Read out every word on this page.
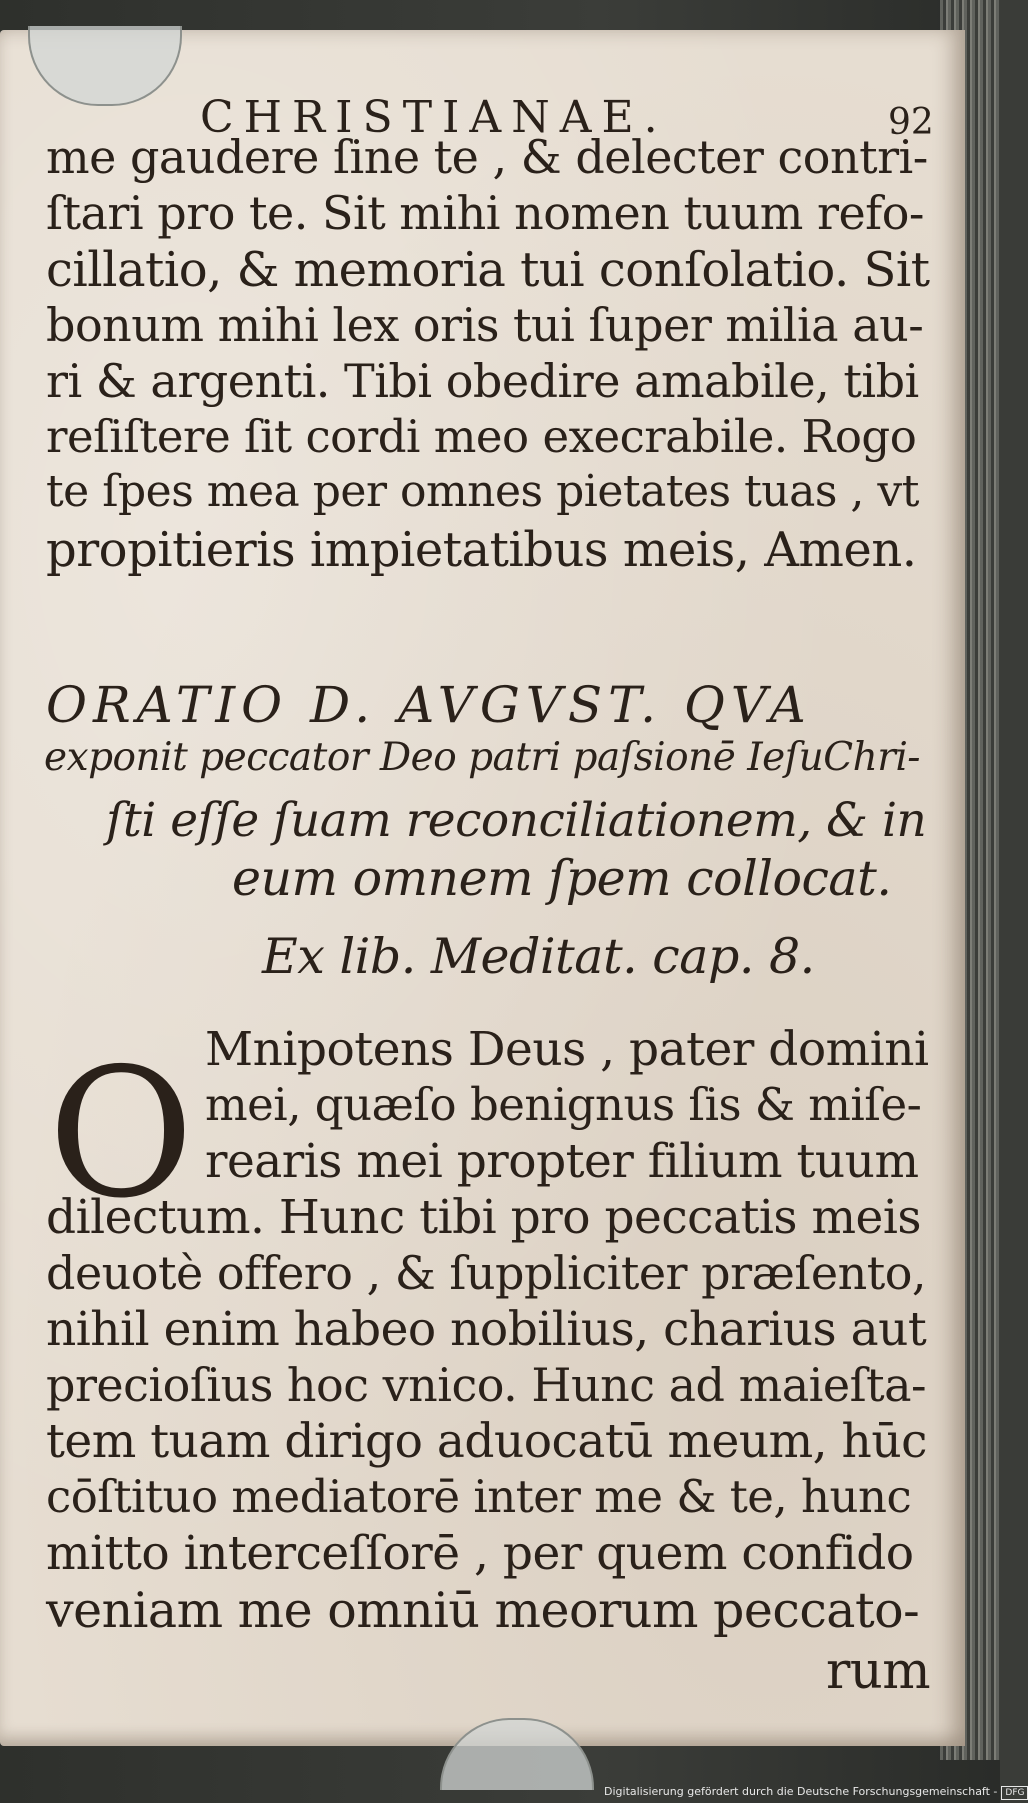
CHRISTIANAE.	92
me gaudere ſine te , & delecter contri-
ſtari pro te. Sit mihi nomen tuum refo-
cillatio, & memoria tui conſolatio. Sit
bonum mihi lex oris tui ſuper milia au-
ri & argenti. Tibi obedire amabile, tibi
reſiſtere ſit cordi meo execrabile. Rogo
te ſpes mea per omnes pietates tuas , vt
propitieris impietatibus meis, Amen.
ORATIO D. AVGVST. QVA
exponit peccator Deo patri paſsionē IeſuChri-
ſti eſſe ſuam reconciliationem, & in
eum omnem ſpem collocat.
Ex lib. Meditat. cap. 8.
O Mnipotens Deus , pater domini
mei, quæſo benignus ſis & miſe-
rearis mei propter filium tuum
dilectum. Hunc tibi pro peccatis meis
deuotè offero , & ſuppliciter præſento,
nihil enim habeo nobilius, charius aut
precioſius hoc vnico. Hunc ad maieſta-
tem tuam dirigo aduocatū meum, hūc
cōſtituo mediatorē inter me & te, hunc
mitto interceſſorē , per quem confido
veniam me omniū meorum peccato-
rum
Digitalisierung gefördert durch die Deutsche Forschungsgemeinschaft - DFG
